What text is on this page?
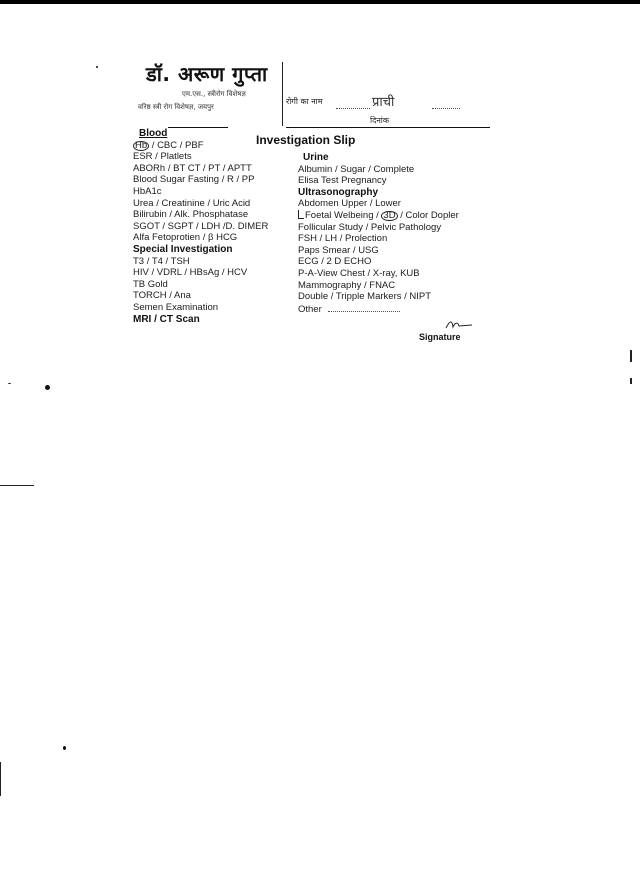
डॉ. अरूण गुप्ता
एम.एस., स्त्रीरोग विशेषज्ञ
वरिष्ठ स्त्री रोग विशेषज्ञ, जयपुर
रोगी का नाम	प्राची
दिनांक
Investigation Slip
Blood
Hb / CBC / PBF
ESR / Platlets
ABORh / BT CT / PT / APTT
Blood Sugar Fasting / R / PP
HbA1c
Urea / Creatinine / Uric Acid
Bilirubin / Alk. Phosphatase
SGOT / SGPT / LDH /D. DIMER
Alfa Fetoprotien / β HCG
Special Investigation
T3 / T4 / TSH
HIV / VDRL / HBsAg / HCV
TB Gold
TORCH / Ana
Semen Examination
MRI / CT Scan
Urine
Albumin / Sugar / Complete
Elisa Test Pregnancy
Ultrasonography
Abdomen Upper / Lower
Foetal Welbeing / 3D / Color Dopler
Follicular Study / Pelvic Pathology
FSH / LH / Prolection
Paps Smear / USG
ECG / 2 D ECHO
P-A-View Chest / X-ray, KUB
Mammography / FNAC
Double / Tripple Markers / NIPT
Other
Signature
